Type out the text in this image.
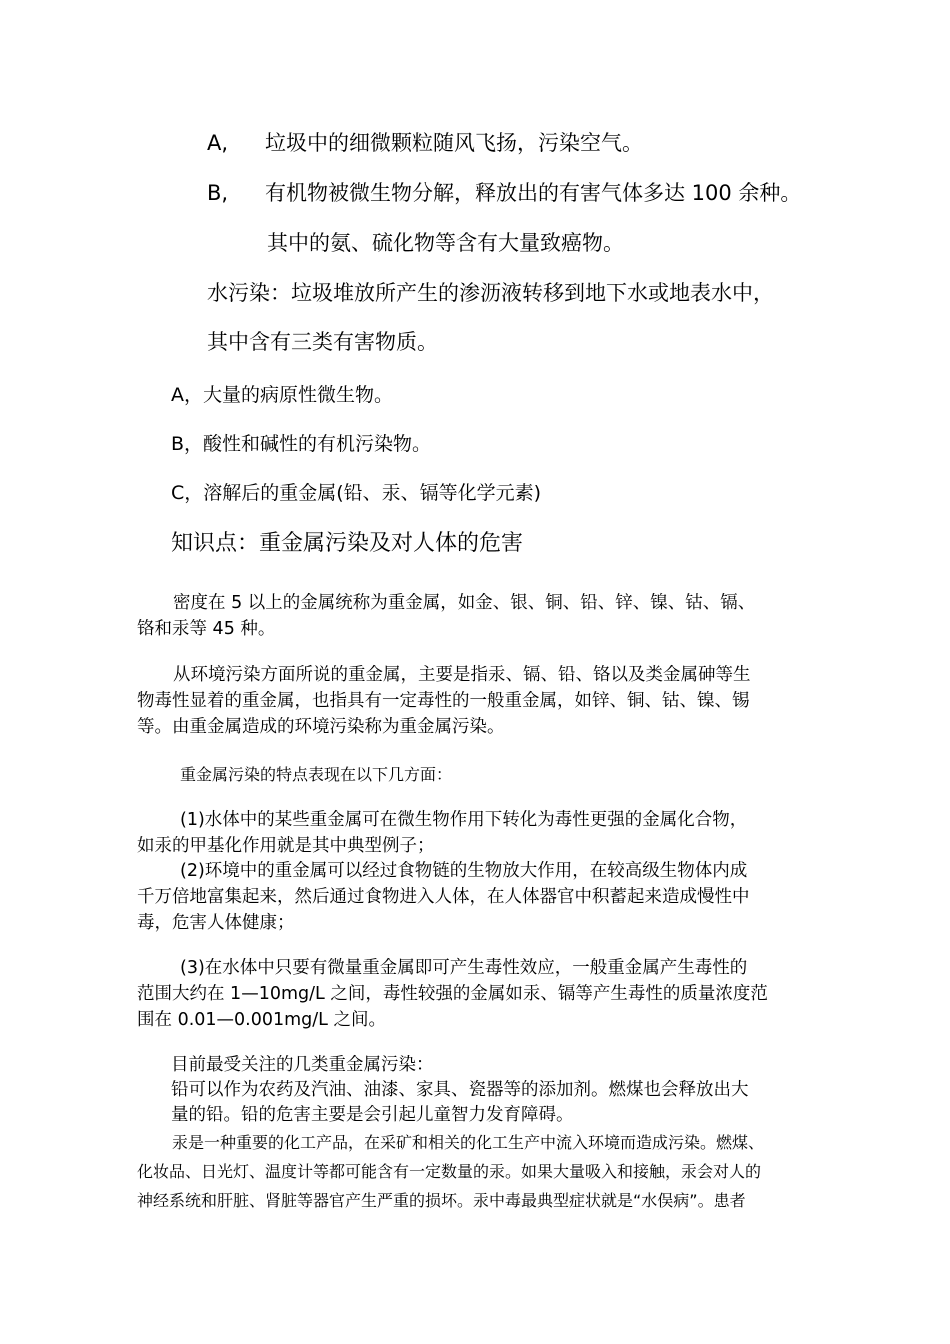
A, 垃圾中的细微颗粒随风飞扬，污染空气。
B, 有机物被微生物分解，释放出的有害气体多达 100 余种。
其中的氨、硫化物等含有大量致癌物。
水污染：垃圾堆放所产生的渗沥液转移到地下水或地表水中，
其中含有三类有害物质。
A，大量的病原性微生物。
B，酸性和碱性的有机污染物。
C，溶解后的重金属(铅、汞、镉等化学元素)
知识点：重金属污染及对人体的危害
密度在 5 以上的金属统称为重金属，如金、银、铜、铅、锌、镍、钴、镉、
铬和汞等 45 种。
从环境污染方面所说的重金属，主要是指汞、镉、铅、铬以及类金属砷等生
物毒性显着的重金属，也指具有一定毒性的一般重金属，如锌、铜、钴、镍、锡
等。由重金属造成的环境污染称为重金属污染。
重金属污染的特点表现在以下几方面：
(1)水体中的某些重金属可在微生物作用下转化为毒性更强的金属化合物，
如汞的甲基化作用就是其中典型例子；
(2)环境中的重金属可以经过食物链的生物放大作用，在较高级生物体内成
千万倍地富集起来，然后通过食物进入人体，在人体器官中积蓄起来造成慢性中
毒，危害人体健康；
(3)在水体中只要有微量重金属即可产生毒性效应，一般重金属产生毒性的
范围大约在 1—10mg/L 之间，毒性较强的金属如汞、镉等产生毒性的质量浓度范
围在 0.01—0.001mg/L 之间。
目前最受关注的几类重金属污染：
铅可以作为农药及汽油、油漆、家具、瓷器等的添加剂。燃煤也会释放出大
量的铅。铅的危害主要是会引起儿童智力发育障碍。
汞是一种重要的化工产品，在采矿和相关的化工生产中流入环境而造成污染。燃煤、
化妆品、日光灯、温度计等都可能含有一定数量的汞。如果大量吸入和接触，汞会对人的
神经系统和肝脏、肾脏等器官产生严重的损坏。汞中毒最典型症状就是“水俣病”。患者
